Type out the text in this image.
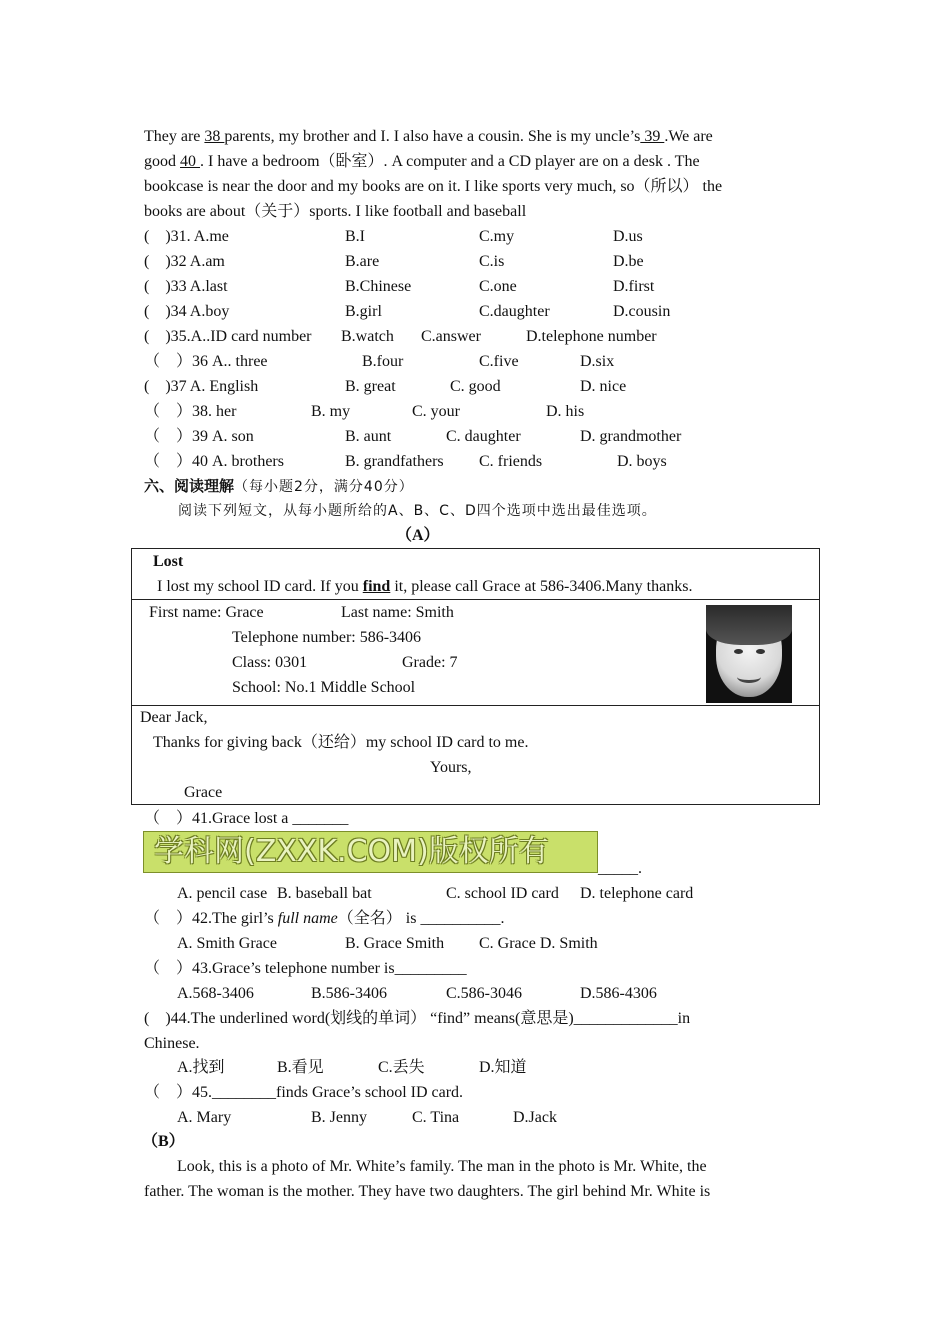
They are 38 parents, my brother and I. I also have a cousin. She is my uncle’s 39 .We are
good 40 . I have a bedroom（卧室）. A computer and a CD player are on a desk . The
bookcase is near the door and my books are on it. I like sports very much, so（所以） the
books are about（关于）sports. I like football and baseball
(　)31. A.me	B.I	C.my	D.us
(　)32 A.am	B.are	C.is	D.be
(　)33 A.last	B.Chinese	C.one	D.first
(　)34 A.boy	B.girl	C.daughter	D.cousin
(　)35.A..ID card number B.watch C.answer	D.telephone number
（　）36 A.. three	B.four	C.five	D.six
(　)37 A. English	B. great	C. good	D. nice
（　）38. her	B. my	C. your	D. his
（　）39 A. son	B. aunt	C. daughter	D. grandmother
（　）40 A. brothers	B. grandfathers C. friends	D. boys
六、阅读理解（每小题2分，满分40分）
阅读下列短文，从每小题所给的A、B、C、D四个选项中选出最佳选项。
（A）
Lost
I lost my school ID card. If you find it, please call Grace at 586-3406.Many thanks.
First name: Grace	Last name: Smith
Telephone number: 586-3406
Class: 0301	Grade: 7
School: No.1 Middle School
Dear Jack,
Thanks for giving back（还给）my school ID card to me.
Yours,
Grace
（　）41.Grace lost a _______
学科网(ZXXK.COM)版权所有	_____.
A. pencil case B. baseball bat	C. school ID card D. telephone card
（　）42.The girl’s full name（全名） is __________.
A. Smith Grace	B. Grace Smith C. Grace D. Smith
（　）43.Grace’s telephone number is_________
A.568-3406	B.586-3406	C.586-3046	D.586-4306
(　)44.The underlined word(划线的单词） “find” means(意思是)_____________in
Chinese.
A.找到	B.看见	C.丢失	D.知道
（　）45.________finds Grace’s school ID card.
A. Mary	B. Jenny	C. Tina	D.Jack
（B）
Look, this is a photo of Mr. White’s family. The man in the photo is Mr. White, the
father. The woman is the mother. They have two daughters. The girl behind Mr. White is
